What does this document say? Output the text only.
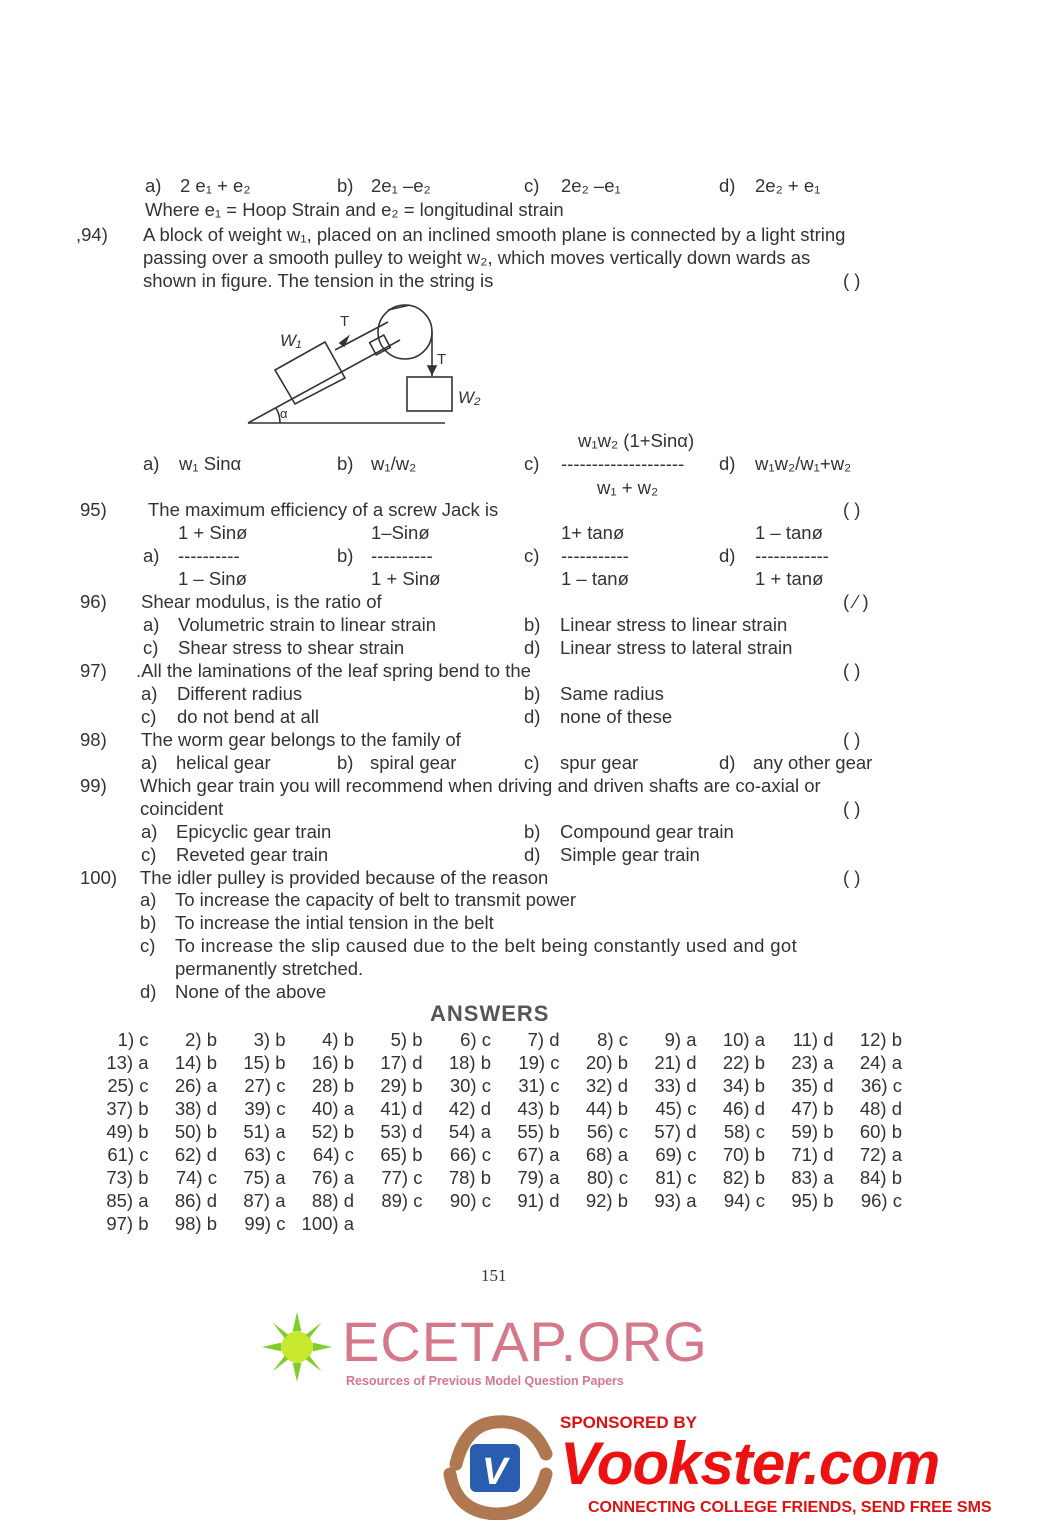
a) 2 e₁ + e₂	b) 2e₁ –e₂	c) 2e₂ –e₁	d) 2e₂ + e₁
Where e₁ = Hoop Strain and e₂ = longitudinal strain
,94) A block of weight w₁, placed on an inclined smooth plane is connected by a light string
passing over a smooth pulley to weight w₂, which moves vertically down wards as
shown in figure. The tension in the string is	( )
W₁
T
T
W₂
α
a) w₁ Sinα	b) w₁/w₂	c)
w₁w₂ (1+Sinα)
--------------------
w₁ + w₂
d) w₁w₂/w₁+w₂
95) The maximum efficiency of a screw Jack is	( )
1 + Sinø	1–Sinø	1+ tanø	1 – tanø
a) ----------	b) ----------	c) -----------	d) ------------
1 – Sinø	1 + Sinø	1 – tanø	1 + tanø
96) Shear modulus, is the ratio of	( ⁄ )
a) Volumetric strain to linear strain	b) Linear stress to linear strain
c) Shear stress to shear strain	d) Linear stress to lateral strain
97) .All the laminations of the leaf spring bend to the	( )
a) Different radius	b) Same radius
c) do not bend at all	d) none of these
98) The worm gear belongs to the family of	( )
a) helical gear	b) spiral gear	c) spur gear	d) any other gear
99) Which gear train you will recommend when driving and driven shafts are co-axial or
coincident	( )
a) Epicyclic gear train	b) Compound gear train
c) Reveted gear train	d) Simple gear train
100) The idler pulley is provided because of the reason	( )
a) To increase the capacity of belt to transmit power
b) To increase the intial tension in the belt
c) To increase the slip caused due to the belt being constantly used and got
permanently stretched.
d) None of the above
ANSWERS
1) c	2) b	3) b	4) b	5) b	6) c	7) d	8) c	9) a	10) a	11) d	12) b
13) a	14) b	15) b	16) b	17) d	18) b	19) c	20) b	21) d	22) b	23) a	24) a
25) c	26) a	27) c	28) b	29) b	30) c	31) c	32) d	33) d	34) b	35) d	36) c
37) b	38) d	39) c	40) a	41) d	42) d	43) b	44) b	45) c	46) d	47) b	48) d
49) b	50) b	51) a	52) b	53) d	54) a	55) b	56) c	57) d	58) c	59) b	60) b
61) c	62) d	63) c	64) c	65) b	66) c	67) a	68) a	69) c	70) b	71) d	72) a
73) b	74) c	75) a	76) a	77) c	78) b	79) a	80) c	81) c	82) b	83) a	84) b
85) a	86) d	87) a	88) d	89) c	90) c	91) d	92) b	93) a	94) c	95) b	96) c
97) b	98) b	99) c 100) a
151
ECETAP.ORG
Resources of Previous Model Question Papers
V
SPONSORED BY
Vookster.com
CONNECTING COLLEGE FRIENDS, SEND FREE SMS
